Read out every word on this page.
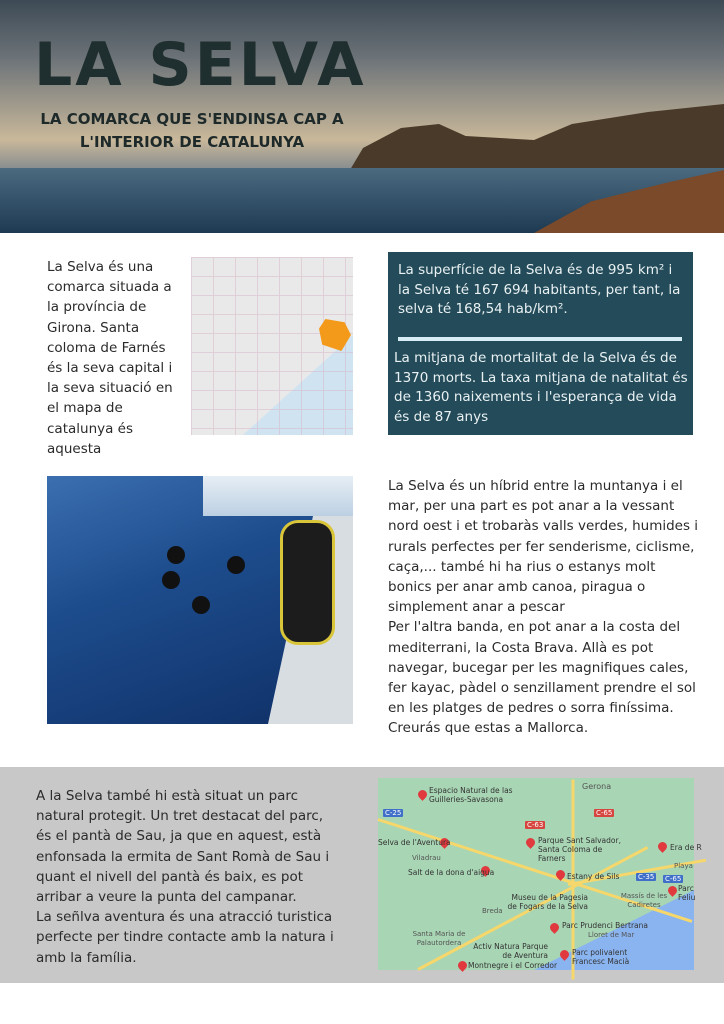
LA SELVA
LA COMARCA QUE S'ENDINSA CAP A L'INTERIOR DE CATALUNYA

La Selva és una comarca situada a la província de Girona. Santa coloma de Farnés és la seva capital i la seva situació en el mapa de catalunya és aquesta

La superfície de la Selva és de 995 km² i la Selva té 167 694 habitants, per tant, la selva té 168,54 hab/km².

La mitjana de mortalitat de la Selva és de 1370 morts. La taxa mitjana de natalitat és de 1360 naixements i l'esperança de vida és de 87 anys

La Selva és un híbrid entre la muntanya i el mar, per una part es pot anar a la vessant nord oest i et trobaràs valls verdes, humides i rurals perfectes per fer senderisme, ciclisme, caça,... també hi ha rius o estanys molt bonics per anar amb canoa, piragua o simplement anar a pescar

Per l'altra banda, en pot anar a la costa del mediterrani, la Costa Brava. Allà es pot navegar, bucegar per les magnifiques cales, fer kayac, pàdel o senzillament prendre el sol en les platges de pedres o sorra finíssima. Creurás que estas a Mallorca.

A la Selva també hi està situat un parc natural protegit. Un tret destacat del parc, és el pantà de Sau, ja que en aquest, està enfonsada la ermita de Sant Romà de Sau i quant el nivell del pantà és baix, es pot arribar a veure la punta del campanar.

La señlva aventura és una atracció turistica perfecte per tindre contacte amb la natura i amb la família.

C-25
C-63
C-65
C-35 C-65
Espacio Natural de las Guilleries-Savasona
Selva de l'Aventura	Parque Sant Salvador, Santa Coloma de Farners
Salt de la dona d'aigua	Estany de Sils
Museu de la Pagesia de Fogars de la Selva
Parc Prudenci Bertrana
Activ Natura Parque de Aventura	Parc polivalent Francesc Macià
Montnegre i el Corredor
Era de R
Parc Feliu
Gerona
Viladrau
Breda
Santa Maria de Palautordera
Lloret de Mar
Massís de les Cadiretes
Playa
